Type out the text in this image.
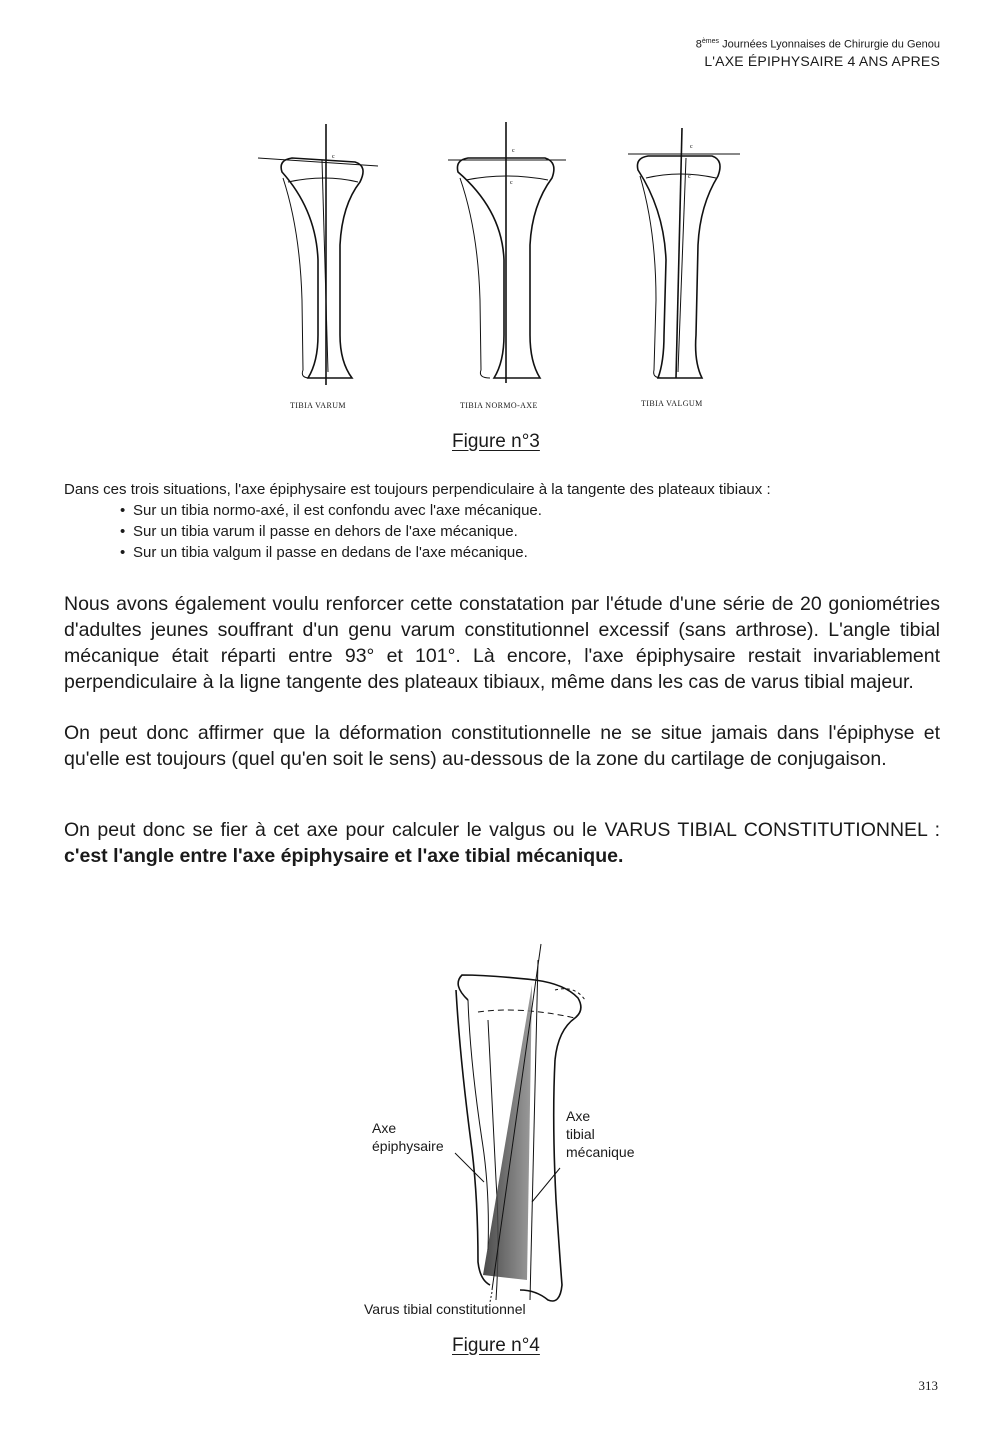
8èmes Journées Lyonnaises de Chirurgie du Genou
L'AXE ÉPIPHYSAIRE 4 ANS APRES
c
c
c
c
c
TIBIA VARUM	TIBIA NORMO-AXE	TIBIA VALGUM
Figure n°3
Dans ces trois situations, l'axe épiphysaire est toujours perpendiculaire à la tangente des plateaux tibiaux :
• Sur un tibia normo-axé, il est confondu avec l'axe mécanique.
• Sur un tibia varum il passe en dehors de l'axe mécanique.
• Sur un tibia valgum il passe en dedans de l'axe mécanique.

Nous avons également voulu renforcer cette constatation par l'étude d'une série de 20 goniométries d'adultes jeunes souffrant d'un genu varum constitutionnel excessif (sans arthrose). L'angle tibial mécanique était réparti entre 93° et 101°. Là encore, l'axe épiphysaire restait invariablement perpendiculaire à la ligne tangente des plateaux tibiaux, même dans les cas de varus tibial majeur.

On peut donc affirmer que la déformation constitutionnelle ne se situe jamais dans l'épiphyse et qu'elle est toujours (quel qu'en soit le sens) au-dessous de la zone du cartilage de conjugaison.

On peut donc se fier à cet axe pour calculer le valgus ou le VARUS TIBIAL CONSTITUTIONNEL : c'est l'angle entre l'axe épiphysaire et l'axe tibial mécanique.

Axe
épiphysaire
Axe
tibial
mécanique
Varus tibial constitutionnel
Figure n°4
313
